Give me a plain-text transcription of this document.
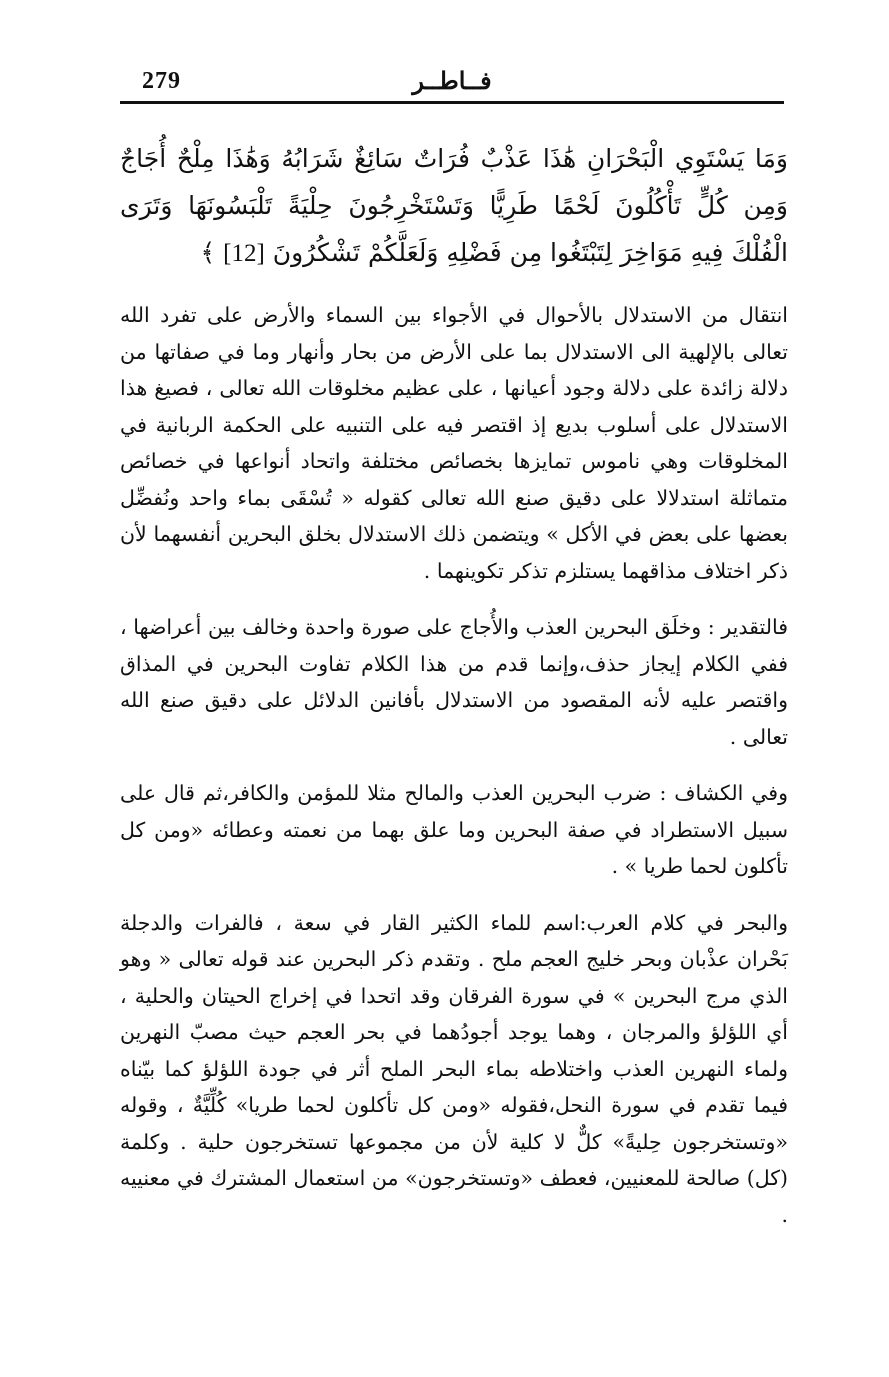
279	فــاطــر

وَمَا يَسْتَوِي الْبَحْرَانِ هَٰذَا عَذْبٌ فُرَاتٌ سَائِغٌ شَرَابُهُ وَهَٰذَا مِلْحٌ أُجَاجٌ وَمِن كُلٍّ تَأْكُلُونَ لَحْمًا طَرِيًّا وَتَسْتَخْرِجُونَ حِلْيَةً تَلْبَسُونَهَا وَتَرَى الْفُلْكَ فِيهِ مَوَاخِرَ لِتَبْتَغُوا مِن فَضْلِهِ وَلَعَلَّكُمْ تَشْكُرُونَ [12] ﴾

انتقال من الاستدلال بالأحوال في الأجواء بين السماء والأرض على تفرد الله تعالى بالإلهية الى الاستدلال بما على الأرض من بحار وأنهار وما في صفاتها من دلالة زائدة على دلالة وجود أعيانها ، على عظيم مخلوقات الله تعالى ، فصيغ هذا الاستدلال على أسلوب بديع إذ اقتصر فيه على التنبيه على الحكمة الربانية في المخلوقات وهي ناموس تمايزها بخصائص مختلفة واتحاد أنواعها في خصائص متماثلة استدلالا على دقيق صنع الله تعالى كقوله « تُسْقَى بماء واحد ونُفضِّل بعضها على بعض في الأكل » ويتضمن ذلك الاستدلال بخلق البحرين أنفسهما لأن ذكر اختلاف مذاقهما يستلزم تذكر تكوينهما .

فالتقدير : وخلَق البحرين العذب والأُجاج على صورة واحدة وخالف بين أعراضها ، ففي الكلام إيجاز حذف،وإنما قدم من هذا الكلام تفاوت البحرين في المذاق واقتصر عليه لأنه المقصود من الاستدلال بأفانين الدلائل على دقيق صنع الله تعالى .

وفي الكشاف : ضرب البحرين العذب والمالح مثلا للمؤمن والكافر،ثم قال على سبيل الاستطراد في صفة البحرين وما علق بهما من نعمته وعطائه «ومن كل تأكلون لحما طريا » .

والبحر في كلام العرب:اسم للماء الكثير القار في سعة ، فالفرات والدجلة بَحْران عذْبان وبحر خليج العجم ملح . وتقدم ذكر البحرين عند قوله تعالى « وهو الذي مرج البحرين » في سورة الفرقان وقد اتحدا في إخراج الحيتان والحلية ، أي اللؤلؤ والمرجان ، وهما يوجد أجودُهما في بحر العجم حيث مصبّ النهرين ولماء النهرين العذب واختلاطه بماء البحر الملح أثر في جودة اللؤلؤ كما بيّناه فيما تقدم في سورة النحل،فقوله «ومن كل تأكلون لحما طريا» كُلِّيَّةٌ ، وقوله «وتستخرجون حِليةً» كلٌّ لا كلية لأن من مجموعها تستخرجون حلية . وكلمة (كل) صالحة للمعنيين، فعطف «وتستخرجون» من استعمال المشترك في معنييه .
